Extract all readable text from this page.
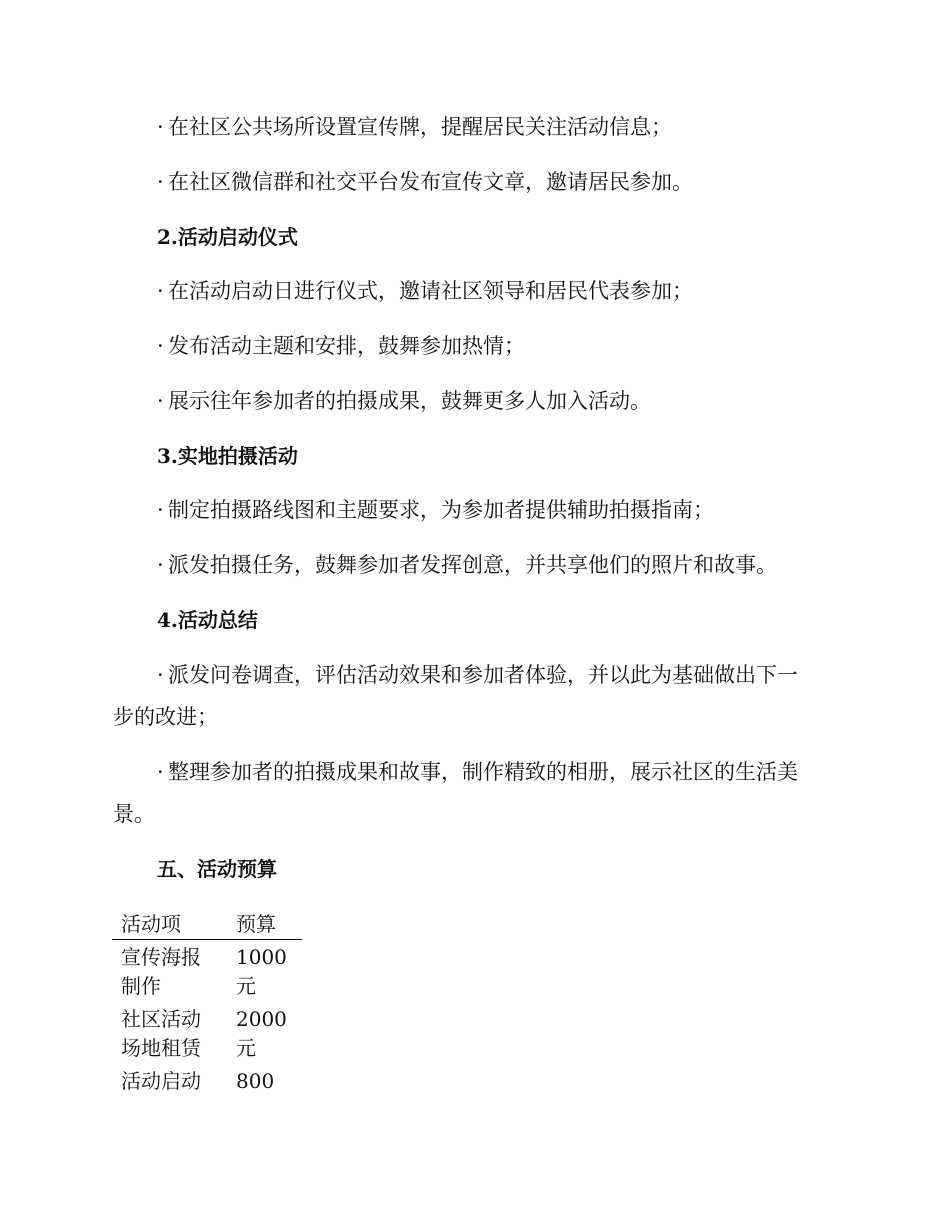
· 在社区公共场所设置宣传牌，提醒居民关注活动信息；
· 在社区微信群和社交平台发布宣传文章，邀请居民参加。
2.活动启动仪式
· 在活动启动日进行仪式，邀请社区领导和居民代表参加；
· 发布活动主题和安排，鼓舞参加热情；
· 展示往年参加者的拍摄成果，鼓舞更多人加入活动。
3.实地拍摄活动
· 制定拍摄路线图和主题要求，为参加者提供辅助拍摄指南；
· 派发拍摄任务，鼓舞参加者发挥创意，并共享他们的照片和故事。
4.活动总结
· 派发问卷调查，评估活动效果和参加者体验，并以此为基础做出下一
步的改进；
· 整理参加者的拍摄成果和故事，制作精致的相册，展示社区的生活美
景。
五、活动预算
活动项	预算
宣传海报制作	1000元
社区活动场地租赁	2000元
活动启动	800
